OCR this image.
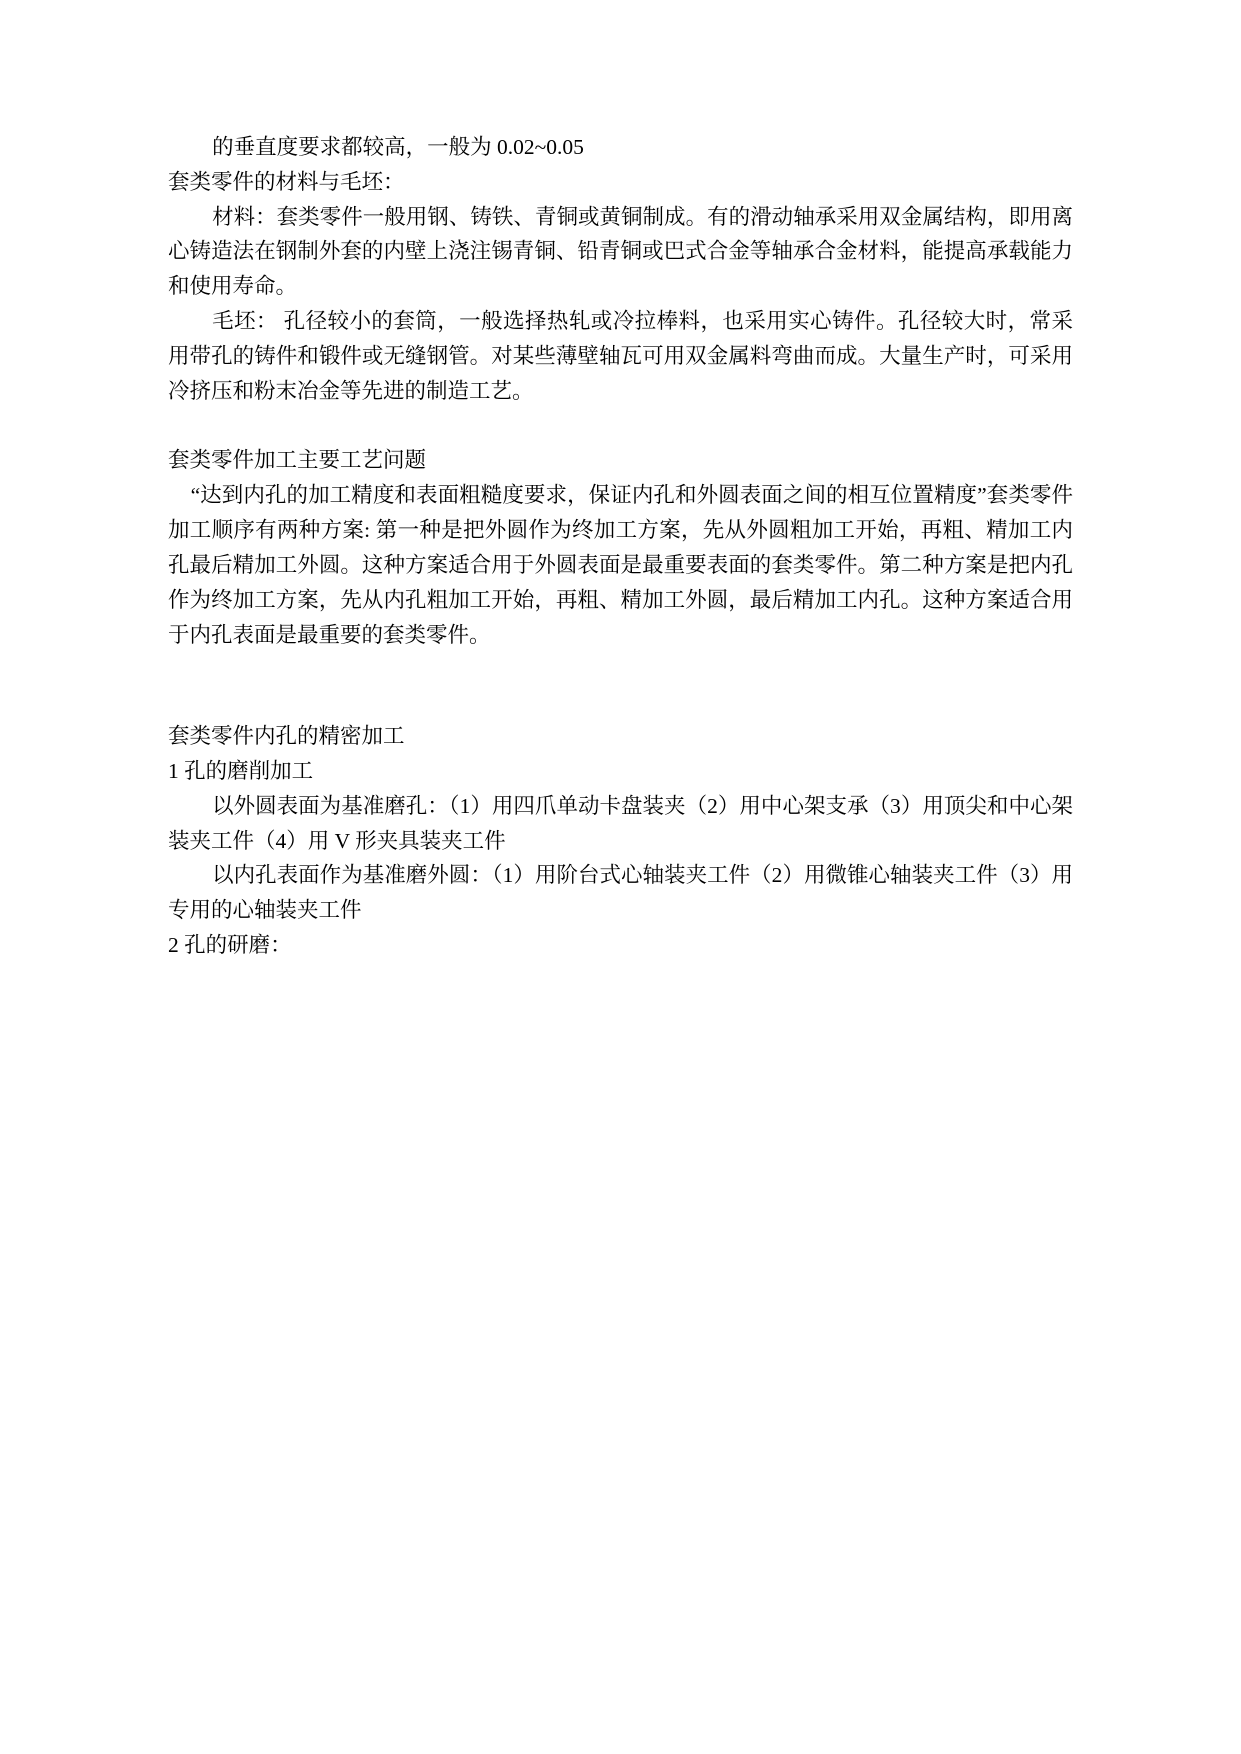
的垂直度要求都较高，一般为 0.02~0.05

套类零件的材料与毛坯：

材料：套类零件一般用钢、铸铁、青铜或黄铜制成。有的滑动轴承采用双金属结构，即用离心铸造法在钢制外套的内壁上浇注锡青铜、铅青铜或巴式合金等轴承合金材料，能提高承载能力和使用寿命。

毛坯： 孔径较小的套筒，一般选择热轧或冷拉棒料，也采用实心铸件。孔径较大时，常采用带孔的铸件和锻件或无缝钢管。对某些薄壁轴瓦可用双金属料弯曲而成。大量生产时，可采用冷挤压和粉末冶金等先进的制造工艺。

套类零件加工主要工艺问题

“达到内孔的加工精度和表面粗糙度要求，保证内孔和外圆表面之间的相互位置精度”套类零件加工顺序有两种方案: 第一种是把外圆作为终加工方案，先从外圆粗加工开始，再粗、精加工内孔最后精加工外圆。这种方案适合用于外圆表面是最重要表面的套类零件。第二种方案是把内孔作为终加工方案，先从内孔粗加工开始，再粗、精加工外圆，最后精加工内孔。这种方案适合用于内孔表面是最重要的套类零件。

套类零件内孔的精密加工

1 孔的磨削加工

以外圆表面为基准磨孔：（1）用四爪单动卡盘装夹（2）用中心架支承（3）用顶尖和中心架装夹工件（4）用 V 形夹具装夹工件

以内孔表面作为基准磨外圆：（1）用阶台式心轴装夹工件（2）用微锥心轴装夹工件（3）用专用的心轴装夹工件

2 孔的研磨：
